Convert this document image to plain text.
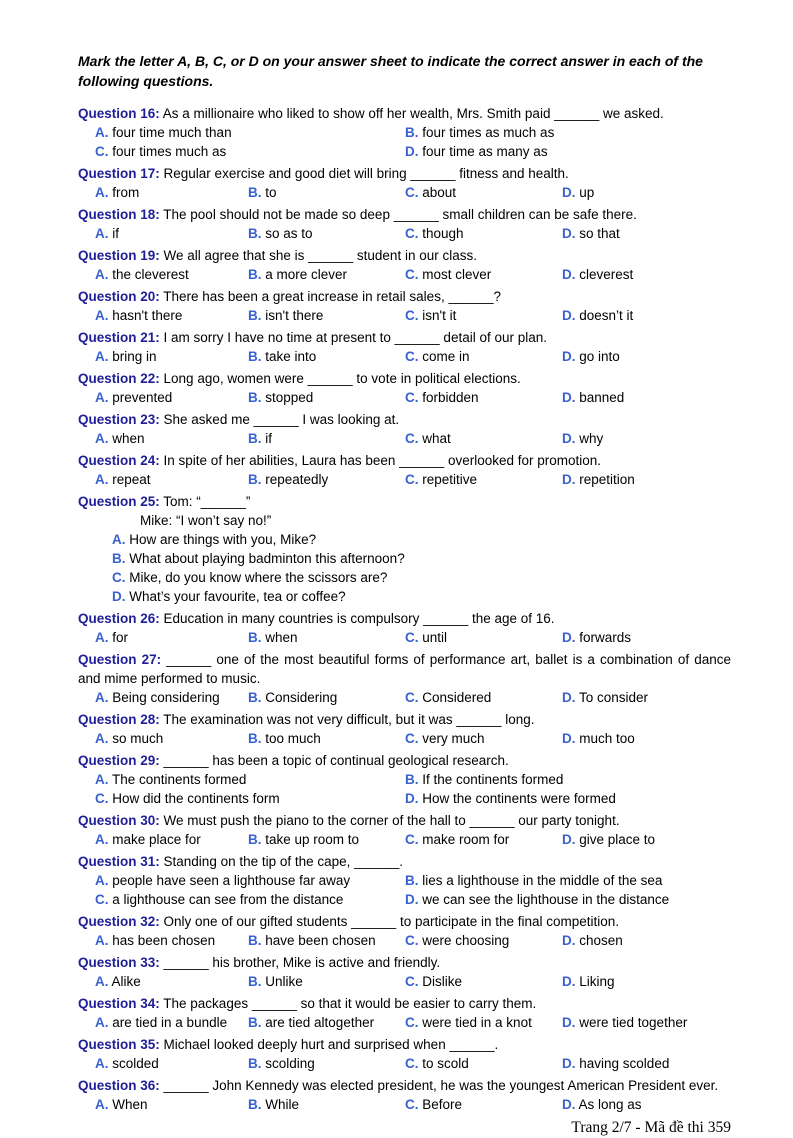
Mark the letter A, B, C, or D on your answer sheet to indicate the correct answer in each of the following questions.

Question 16: As a millionaire who liked to show off her wealth, Mrs. Smith paid ______ we asked.

A. four time much than	B. four times as much as
C. four times much as	D. four time as many as

Question 17: Regular exercise and good diet will bring ______ fitness and health.

A. from	B. to	C. about	D. up

Question 18: The pool should not be made so deep ______ small children can be safe there.

A. if	B. so as to	C. though	D. so that

Question 19: We all agree that she is ______ student in our class.

A. the cleverest	B. a more clever	C. most clever	D. cleverest

Question 20: There has been a great increase in retail sales, ______?

A. hasn't there	B. isn't there	C. isn't it	D. doesn’t it

Question 21: I am sorry I have no time at present to ______ detail of our plan.

A. bring in	B. take into	C. come in	D. go into

Question 22: Long ago, women were ______ to vote in political elections.

A. prevented	B. stopped	C. forbidden	D. banned

Question 23: She asked me ______ I was looking at.

A. when	B. if	C. what	D. why

Question 24: In spite of her abilities, Laura has been ______ overlooked for promotion.

A. repeat	B. repeatedly	C. repetitive	D. repetition

Question 25: Tom: “______”

Mike: “I won’t say no!”

A. How are things with you, Mike?
B. What about playing badminton this afternoon?
C. Mike, do you know where the scissors are?
D. What’s your favourite, tea or coffee?

Question 26: Education in many countries is compulsory ______ the age of 16.

A. for	B. when	C. until	D. forwards

Question 27: ______ one of the most beautiful forms of performance art, ballet is a combination of dance and mime performed to music.

A. Being considering	B. Considering	C. Considered	D. To consider

Question 28: The examination was not very difficult, but it was ______ long.

A. so much	B. too much	C. very much	D. much too

Question 29: ______ has been a topic of continual geological research.

A. The continents formed	B. If the continents formed
C. How did the continents form	D. How the continents were formed

Question 30: We must push the piano to the corner of the hall to ______ our party tonight.

A. make place for	B. take up room to	C. make room for	D. give place to

Question 31: Standing on the tip of the cape, ______.

A. people have seen a lighthouse far away	B. lies a lighthouse in the middle of the sea
C. a lighthouse can see from the distance	D. we can see the lighthouse in the distance

Question 32: Only one of our gifted students ______ to participate in the final competition.

A. has been chosen	B. have been chosen	C. were choosing	D. chosen

Question 33: ______ his brother, Mike is active and friendly.

A. Alike	B. Unlike	C. Dislike	D. Liking

Question 34: The packages ______ so that it would be easier to carry them.

A. are tied in a bundle	B. are tied altogether	C. were tied in a knot	D. were tied together

Question 35: Michael looked deeply hurt and surprised when ______.

A. scolded	B. scolding	C. to scold	D. having scolded

Question 36: ______ John Kennedy was elected president, he was the youngest American President ever.

A. When	B. While	C. Before	D. As long as
Trang 2/7 - Mã đề thi 359
